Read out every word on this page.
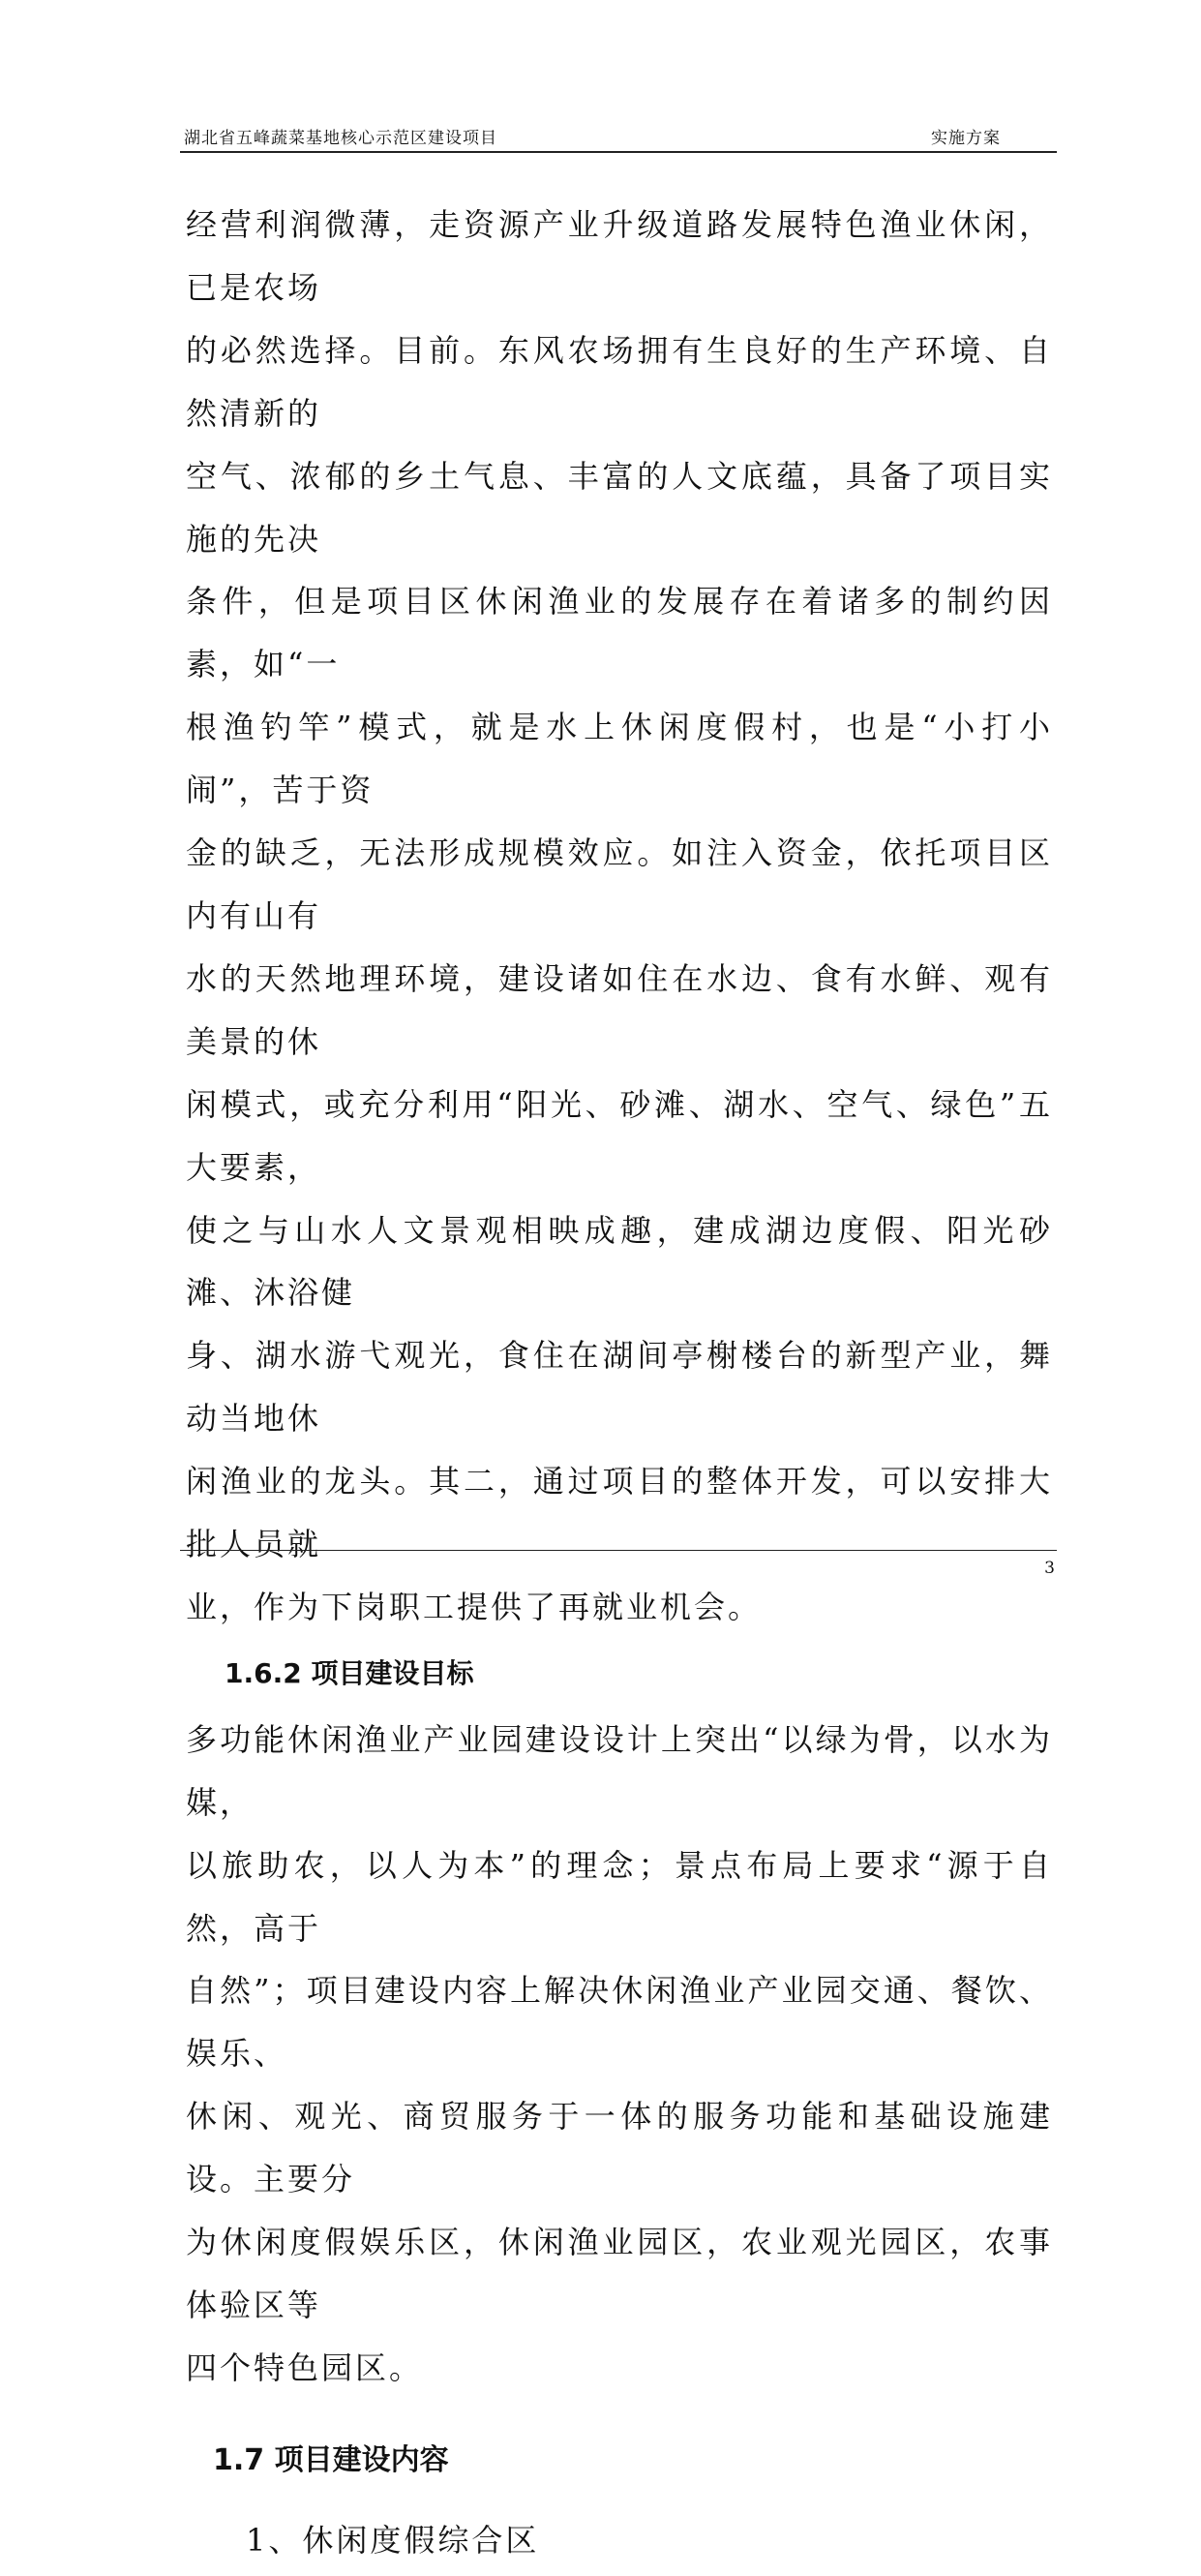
湖北省五峰蔬菜基地核心示范区建设项目	实施方案

经营利润微薄，走资源产业升级道路发展特色渔业休闲，已是农场
的必然选择。目前。东风农场拥有生良好的生产环境、自然清新的
空气、浓郁的乡土气息、丰富的人文底蕴，具备了项目实施的先决
条件，但是项目区休闲渔业的发展存在着诸多的制约因素，如“一
根渔钓竿”模式，就是水上休闲度假村，也是“小打小闹”，苦于资
金的缺乏，无法形成规模效应。如注入资金，依托项目区内有山有
水的天然地理环境，建设诸如住在水边、食有水鲜、观有美景的休
闲模式，或充分利用“阳光、砂滩、湖水、空气、绿色”五大要素，
使之与山水人文景观相映成趣，建成湖边度假、阳光砂滩、沐浴健
身、湖水游弋观光，食住在湖间亭榭楼台的新型产业，舞动当地休
闲渔业的龙头。其二，通过项目的整体开发，可以安排大批人员就
业，作为下岗职工提供了再就业机会。

1.6.2 项目建设目标

多功能休闲渔业产业园建设设计上突出“以绿为骨，以水为媒，
以旅助农，以人为本”的理念；景点布局上要求“源于自然，高于
自然”；项目建设内容上解决休闲渔业产业园交通、餐饮、娱乐、
休闲、观光、商贸服务于一体的服务功能和基础设施建设。主要分
为休闲度假娱乐区，休闲渔业园区，农业观光园区，农事体验区等
四个特色园区。

1.7 项目建设内容

1、休闲度假综合区

3
